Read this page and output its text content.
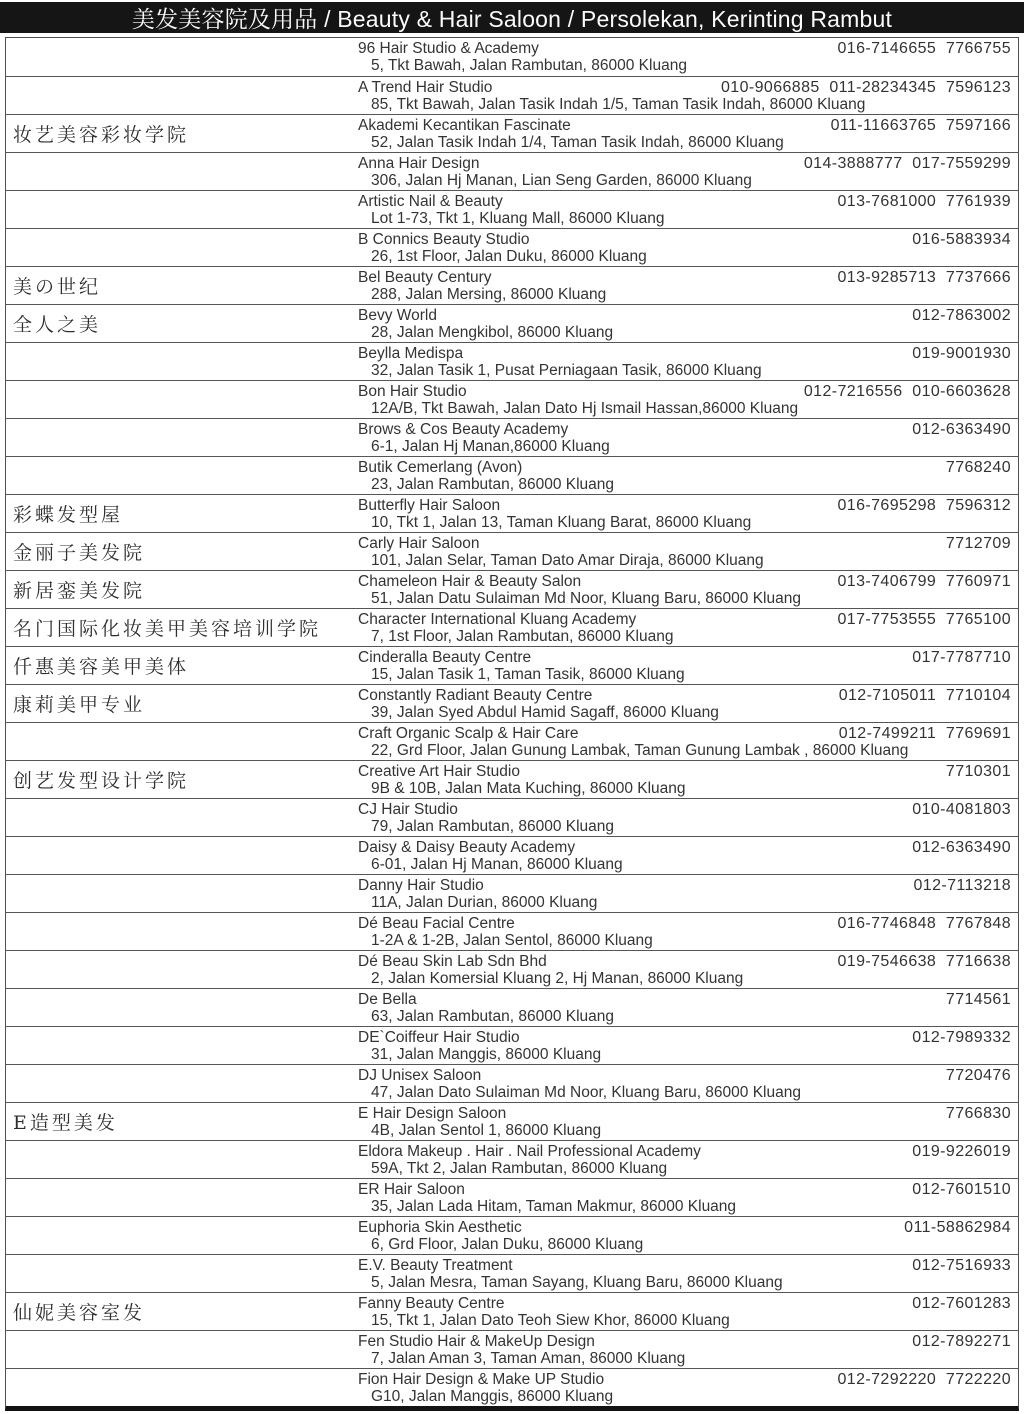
美发美容院及用品 / Beauty & Hair Saloon / Persolekan, Kerinting Rambut
96 Hair Studio & Academy	016-7146655  7766755
5, Tkt Bawah, Jalan Rambutan, 86000 Kluang
A Trend Hair Studio	010-9066885  011-28234345  7596123
85, Tkt Bawah, Jalan Tasik Indah 1/5, Taman Tasik Indah, 86000 Kluang
妆艺美容彩妆学院	Akademi Kecantikan Fascinate	011-11663765  7597166
52, Jalan Tasik Indah 1/4, Taman Tasik Indah, 86000 Kluang
Anna Hair Design	014-3888777  017-7559299
306, Jalan Hj Manan, Lian Seng Garden, 86000 Kluang
Artistic Nail & Beauty	013-7681000  7761939
Lot 1-73, Tkt 1, Kluang Mall, 86000 Kluang
B Connics Beauty Studio	016-5883934
26, 1st Floor, Jalan Duku, 86000 Kluang
美の世纪	Bel Beauty Century	013-9285713  7737666
288, Jalan Mersing, 86000 Kluang
全人之美	Bevy World	012-7863002
28, Jalan Mengkibol, 86000 Kluang
Beylla Medispa	019-9001930
32, Jalan Tasik 1, Pusat Perniagaan Tasik, 86000 Kluang
Bon Hair Studio	012-7216556  010-6603628
12A/B, Tkt Bawah, Jalan Dato Hj Ismail Hassan,86000 Kluang
Brows & Cos Beauty Academy	012-6363490
6-1, Jalan Hj Manan,86000 Kluang
Butik Cemerlang (Avon)	7768240
23, Jalan Rambutan, 86000 Kluang
彩蝶发型屋	Butterfly Hair Saloon	016-7695298  7596312
10, Tkt 1, Jalan 13, Taman Kluang Barat, 86000 Kluang
金丽子美发院	Carly Hair Saloon	7712709
101, Jalan Selar, Taman Dato Amar Diraja, 86000 Kluang
新居銮美发院	Chameleon Hair & Beauty Salon	013-7406799  7760971
51, Jalan Datu Sulaiman Md Noor, Kluang Baru, 86000 Kluang
名门国际化妆美甲美容培训学院	Character International Kluang Academy	017-7753555  7765100
7, 1st Floor, Jalan Rambutan, 86000 Kluang
仟惠美容美甲美体	Cinderalla Beauty Centre	017-7787710
15, Jalan Tasik 1, Taman Tasik, 86000 Kluang
康莉美甲专业	Constantly Radiant Beauty Centre	012-7105011  7710104
39, Jalan Syed Abdul Hamid Sagaff, 86000 Kluang
Craft Organic Scalp & Hair Care	012-7499211  7769691
22, Grd Floor, Jalan Gunung Lambak, Taman Gunung Lambak , 86000 Kluang
创艺发型设计学院	Creative Art Hair Studio	7710301
9B & 10B, Jalan Mata Kuching, 86000 Kluang
CJ Hair Studio	010-4081803
79, Jalan Rambutan, 86000 Kluang
Daisy & Daisy Beauty Academy	012-6363490
6-01, Jalan Hj Manan, 86000 Kluang
Danny Hair Studio	012-7113218
11A, Jalan Durian, 86000 Kluang
Dé Beau Facial Centre	016-7746848  7767848
1-2A & 1-2B, Jalan Sentol, 86000 Kluang
Dé Beau Skin Lab Sdn Bhd	019-7546638  7716638
2, Jalan Komersial Kluang 2, Hj Manan, 86000 Kluang
De Bella	7714561
63, Jalan Rambutan, 86000 Kluang
DE`Coiffeur Hair Studio	012-7989332
31, Jalan Manggis, 86000 Kluang
DJ Unisex Saloon	7720476
47, Jalan Dato Sulaiman Md Noor, Kluang Baru, 86000 Kluang
E造型美发	E Hair Design Saloon	7766830
4B, Jalan Sentol 1, 86000 Kluang
Eldora Makeup . Hair . Nail Professional Academy	019-9226019
59A, Tkt 2, Jalan Rambutan, 86000 Kluang
ER Hair Saloon	012-7601510
35, Jalan Lada Hitam, Taman Makmur, 86000 Kluang
Euphoria Skin Aesthetic	011-58862984
6, Grd Floor, Jalan Duku, 86000 Kluang
E.V. Beauty Treatment	012-7516933
5, Jalan Mesra, Taman Sayang, Kluang Baru, 86000 Kluang
仙妮美容室发	Fanny Beauty Centre	012-7601283
15, Tkt 1, Jalan Dato Teoh Siew Khor, 86000 Kluang
Fen Studio Hair & MakeUp Design	012-7892271
7, Jalan Aman 3, Taman Aman, 86000 Kluang
Fion Hair Design & Make UP Studio	012-7292220  7722220
G10, Jalan Manggis, 86000 Kluang
